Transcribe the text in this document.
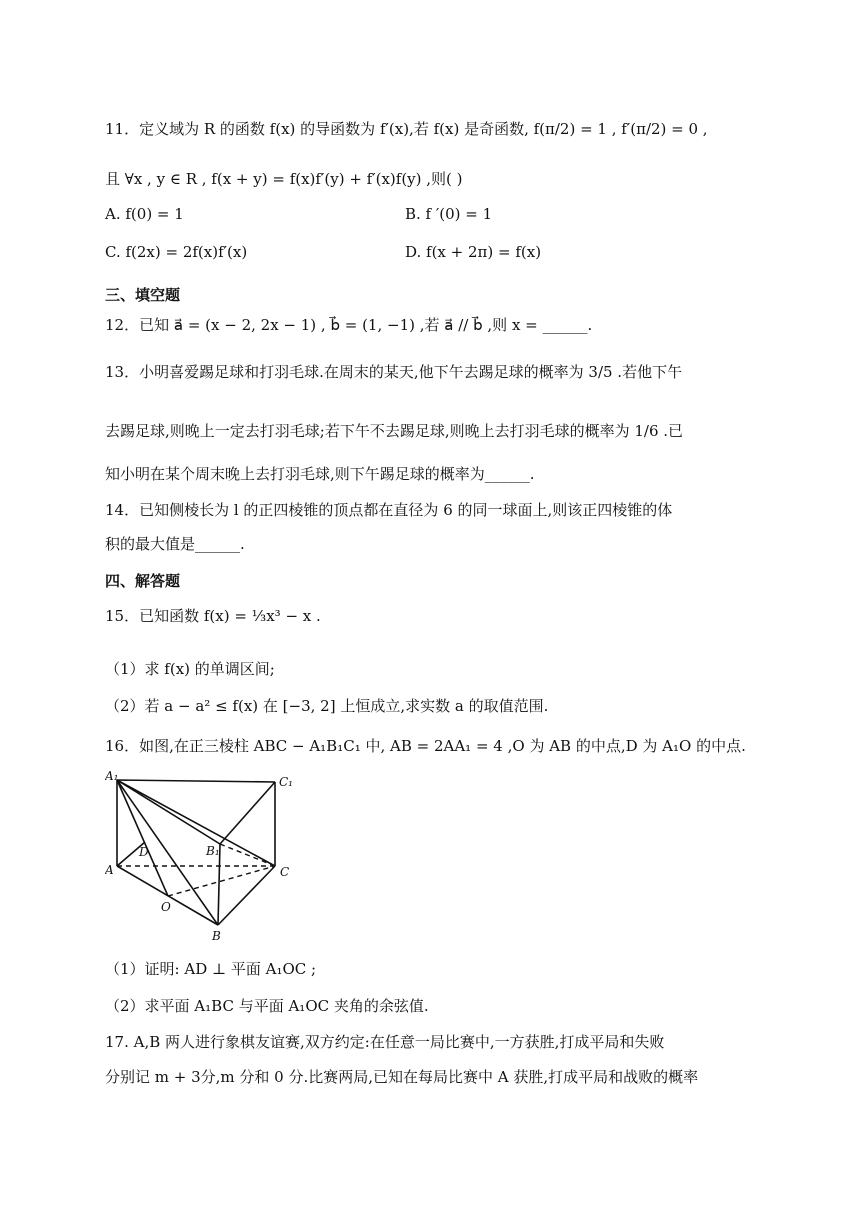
11．定义域为 R 的函数 f(x) 的导函数为 f′(x),若 f(x) 是奇函数, f(π/2) = 1 , f′(π/2) = 0 ,
且 ∀x , y ∈ R , f(x + y) = f(x)f′(y) + f′(x)f(y) ,则( )
A. f(0) = 1	B. f ′(0) = 1
C. f(2x) = 2f(x)f′(x)	D. f(x + 2π) = f(x)
三、填空题
12．已知 a⃗ = (x − 2, 2x − 1) , b⃗ = (1, −1) ,若 a⃗ // b⃗ ,则 x = ______.
13．小明喜爱踢足球和打羽毛球.在周末的某天,他下午去踢足球的概率为 3/5 .若他下午
去踢足球,则晚上一定去打羽毛球;若下午不去踢足球,则晚上去打羽毛球的概率为 1/6 .已
知小明在某个周末晚上去打羽毛球,则下午踢足球的概率为______.
14．已知侧棱长为 l 的正四棱锥的顶点都在直径为 6 的同一球面上,则该正四棱锥的体
积的最大值是______.
四、解答题
15．已知函数 f(x) = ⅓x³ − x .
（1）求 f(x) 的单调区间;
（2）若 a − a² ≤ f(x) 在 [−3, 2] 上恒成立,求实数 a 的取值范围.
16．如图,在正三棱柱 ABC − A₁B₁C₁ 中, AB = 2AA₁ = 4 ,O 为 AB 的中点,D 为 A₁O 的中点.
A₁	C₁
B₁
D
A	C
O
B
（1）证明: AD ⊥ 平面 A₁OC ;
（2）求平面 A₁BC 与平面 A₁OC 夹角的余弦值.
17. A,B 两人进行象棋友谊赛,双方约定:在任意一局比赛中,一方获胜,打成平局和失败
分别记 m + 3分,m 分和 0 分.比赛两局,已知在每局比赛中 A 获胜,打成平局和战败的概率
